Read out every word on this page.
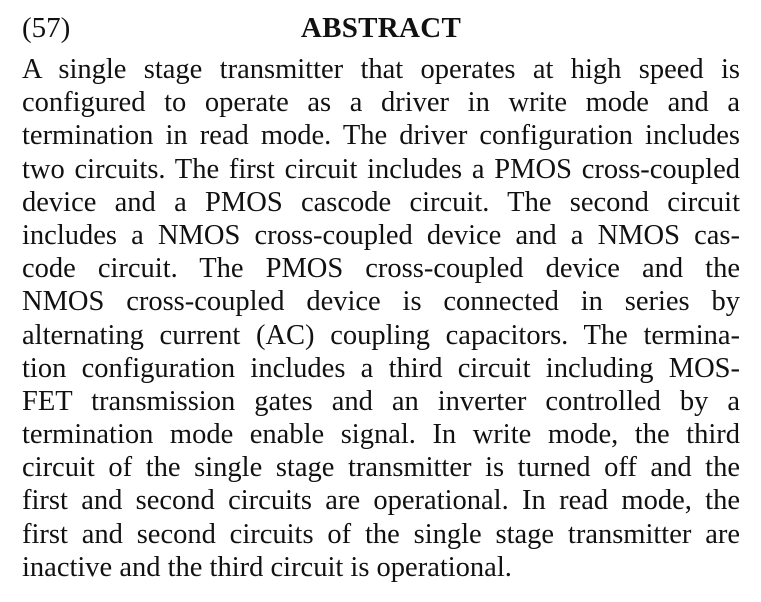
(57)	ABSTRACT
A single stage transmitter that operates at high speed is
configured to operate as a driver in write mode and a
termination in read mode. The driver configuration includes
two circuits. The first circuit includes a PMOS cross-coupled
device and a PMOS cascode circuit. The second circuit
includes a NMOS cross-coupled device and a NMOS cas-
code circuit. The PMOS cross-coupled device and the
NMOS cross-coupled device is connected in series by
alternating current (AC) coupling capacitors. The termina-
tion configuration includes a third circuit including MOS-
FET transmission gates and an inverter controlled by a
termination mode enable signal. In write mode, the third
circuit of the single stage transmitter is turned off and the
first and second circuits are operational. In read mode, the
first and second circuits of the single stage transmitter are
inactive and the third circuit is operational.
